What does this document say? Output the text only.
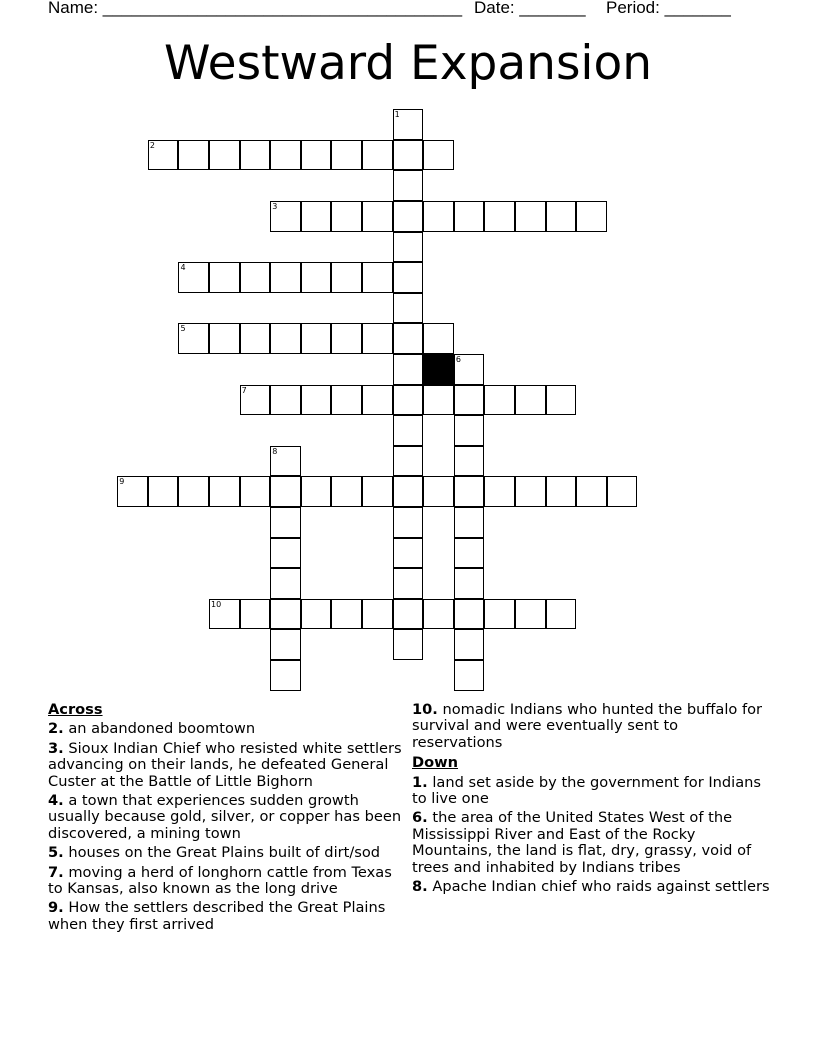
Name: ______________________________________

Date: _______

Period: _______

Westward Expansion
1
2
3
4
5
6
7
8
9
10
Across
2. an abandoned boomtown
3. Sioux Indian Chief who resisted white settlers advancing on their lands, he defeated General Custer at the Battle of Little Bighorn
4. a town that experiences sudden growth usually because gold, silver, or copper has been discovered, a mining town
5. houses on the Great Plains built of dirt/sod
7. moving a herd of longhorn cattle from Texas to Kansas, also known as the long drive
9. How the settlers described the Great Plains when they first arrived
10. nomadic Indians who hunted the buffalo for survival and were eventually sent to reservations
Down
1. land set aside by the government for Indians to live one
6. the area of the United States West of the Mississippi River and East of the Rocky Mountains, the land is flat, dry, grassy, void of trees and inhabited by Indians tribes
8. Apache Indian chief who raids against settlers
